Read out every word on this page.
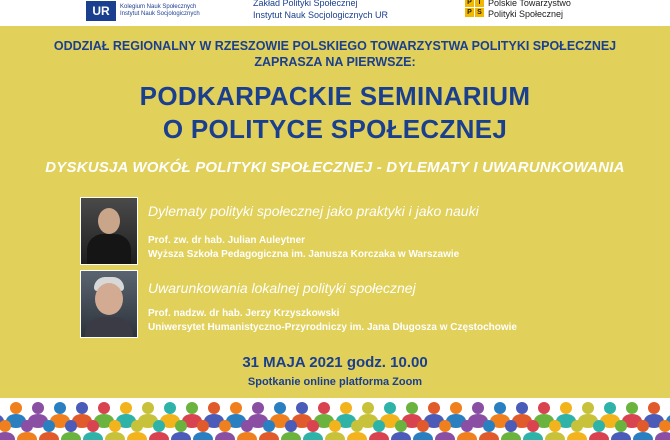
UR	Kolegium Nauk Społecznych
Instytut Nauk Socjologicznych
Zakład Polityki Społecznej
Instytut Nauk Socjologicznych UR
P T
P S
Polskie Towarzystwo
Polityki Społecznej
ODDZIAŁ REGIONALNY W RZESZOWIE POLSKIEGO TOWARZYSTWA POLITYKI SPOŁECZNEJ
ZAPRASZA NA PIERWSZE:
PODKARPACKIE SEMINARIUM
O POLITYCE SPOŁECZNEJ
DYSKUSJA WOKÓŁ POLITYKI SPOŁECZNEJ - DYLEMATY I UWARUNKOWANIA
Dylematy polityki społecznej jako praktyki i jako nauki
Prof. zw. dr hab. Julian Auleytner
Wyższa Szkoła Pedagogiczna im. Janusza Korczaka w Warszawie
Uwarunkowania lokalnej polityki społecznej
Prof. nadzw. dr hab. Jerzy Krzyszkowski
Uniwersytet Humanistyczno-Przyrodniczy im. Jana Długosza w Częstochowie
31 MAJA 2021 godz. 10.00
Spotkanie online platforma Zoom
